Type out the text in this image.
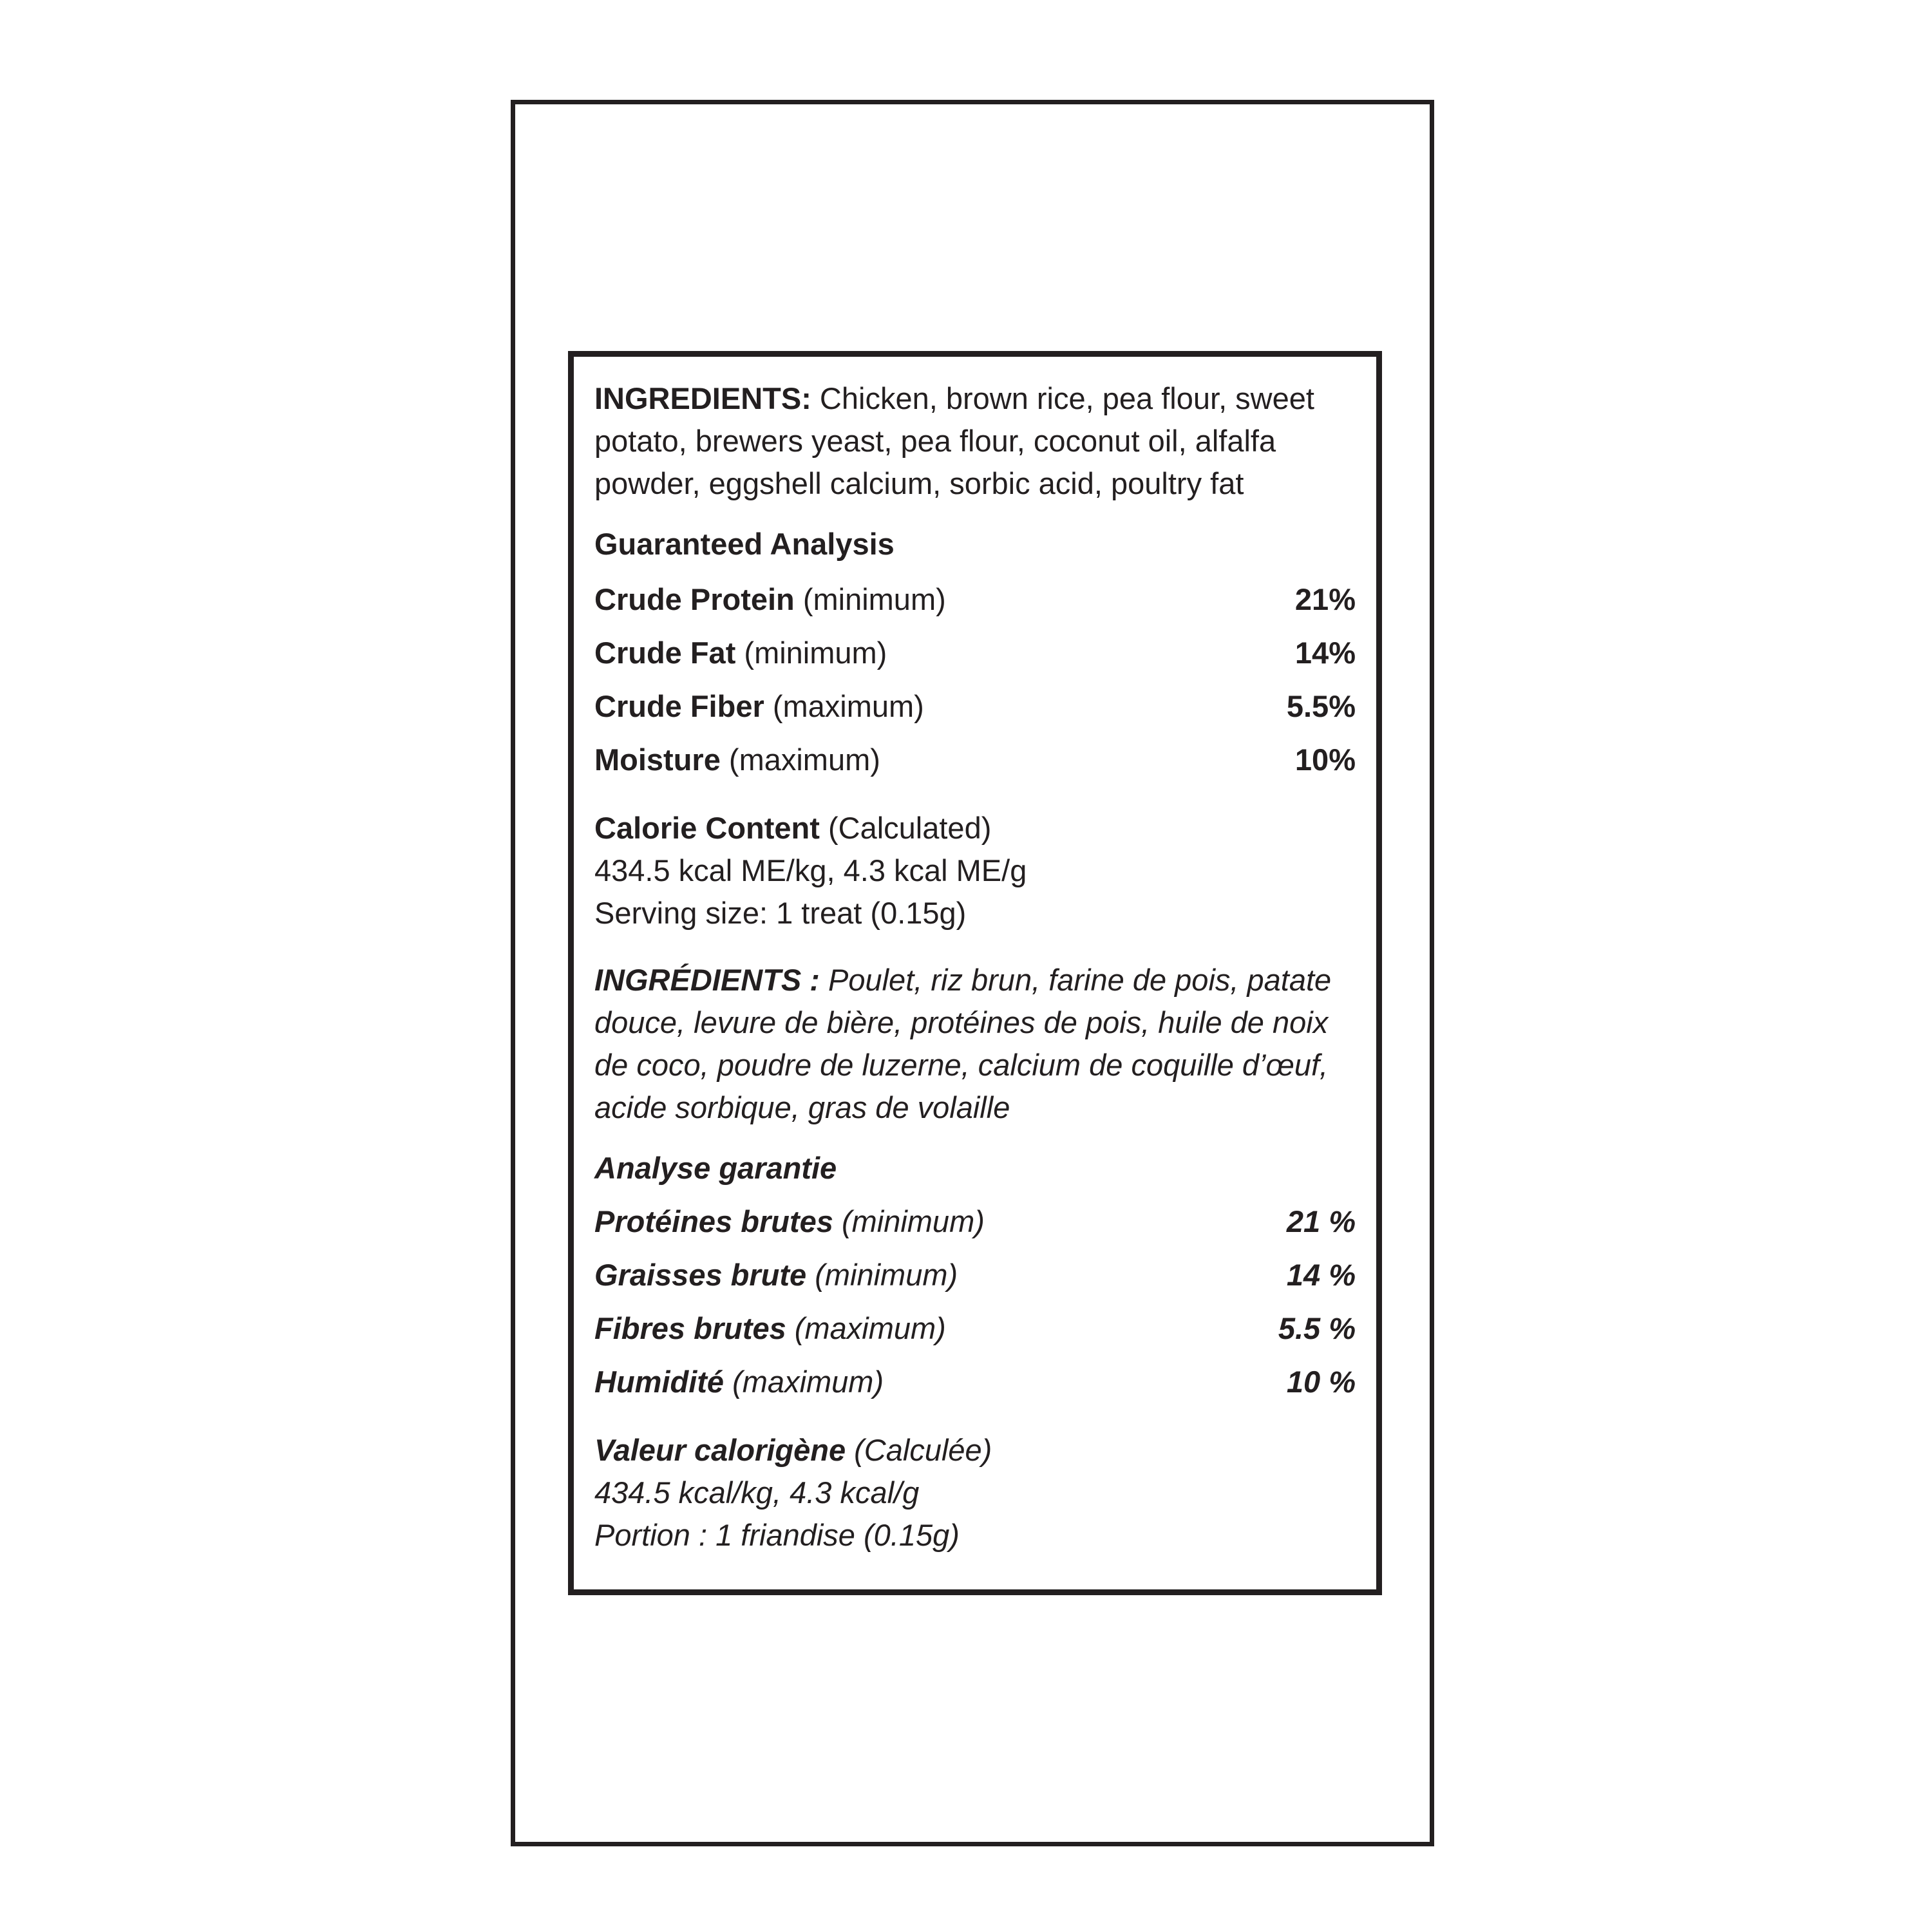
INGREDIENTS: Chicken, brown rice, pea flour, sweet potato, brewers yeast, pea flour, coconut oil, alfalfa powder, eggshell calcium, sorbic acid, poultry fat

Guaranteed Analysis

Crude Protein (minimum)	21%
Crude Fat (minimum)	14%
Crude Fiber (maximum)	5.5%
Moisture (maximum)	10%

Calorie Content (Calculated)

434.5 kcal ME/kg, 4.3 kcal ME/g

Serving size: 1 treat (0.15g)

INGRÉDIENTS : Poulet, riz brun, farine de pois, patate douce, levure de bière, protéines de pois, huile de noix de coco, poudre de luzerne, calcium de coquille d’œuf, acide sorbique, gras de volaille

Analyse garantie

Protéines brutes (minimum)	21 %
Graisses brute (minimum)	14 %
Fibres brutes (maximum)	5.5 %
Humidité (maximum)	10 %

Valeur calorigène (Calculée)

434.5 kcal/kg, 4.3 kcal/g

Portion : 1 friandise (0.15g)
